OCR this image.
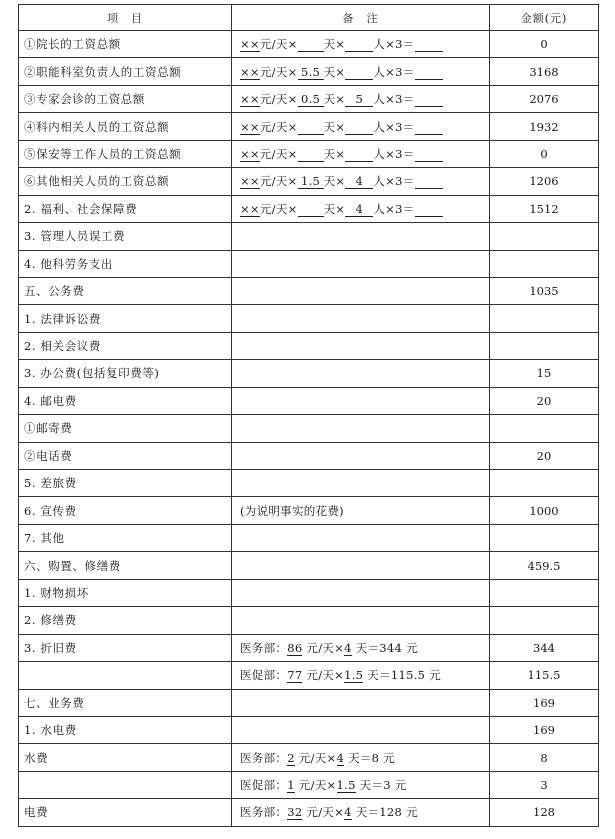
项　目	备　注	金额(元)
①院长的工资总额	××元/天× 天× 人×3＝	0
②职能科室负责人的工资总额	××元/天× 5.5 天× 人×3＝	3168
③专家会诊的工资总额	××元/天× 0.5 天× 5 人×3＝	2076
④科内相关人员的工资总额	××元/天× 天× 人×3＝	1932
⑤保安等工作人员的工资总额	××元/天× 天× 人×3＝	0
⑥其他相关人员的工资总额	××元/天× 1.5 天× 4 人×3＝	1206
2. 福利、社会保障费	××元/天× 天× 4 人×3＝	1512
3. 管理人员误工费		
4. 他科劳务支出		
五、公务费		1035
1. 法律诉讼费		
2. 相关会议费		
3. 办公费(包括复印费等)		15
4. 邮电费		20
①邮寄费		
②电话费		20
5. 差旅费		
6. 宣传费	(为说明事实的花费)	1000
7. 其他		
六、购置、修缮费		459.5
1. 财物损坏		
2. 修缮费		
3. 折旧费	医务部：86 元/天×4 天＝344 元	344
	医促部：77 元/天×1.5 天＝115.5 元	115.5
七、业务费		169
1. 水电费		169
水费	医务部：2 元/天×4 天＝8 元	8
	医促部：1 元/天×1.5 天＝3 元	3
电费	医务部：32 元/天×4 天＝128 元	128
